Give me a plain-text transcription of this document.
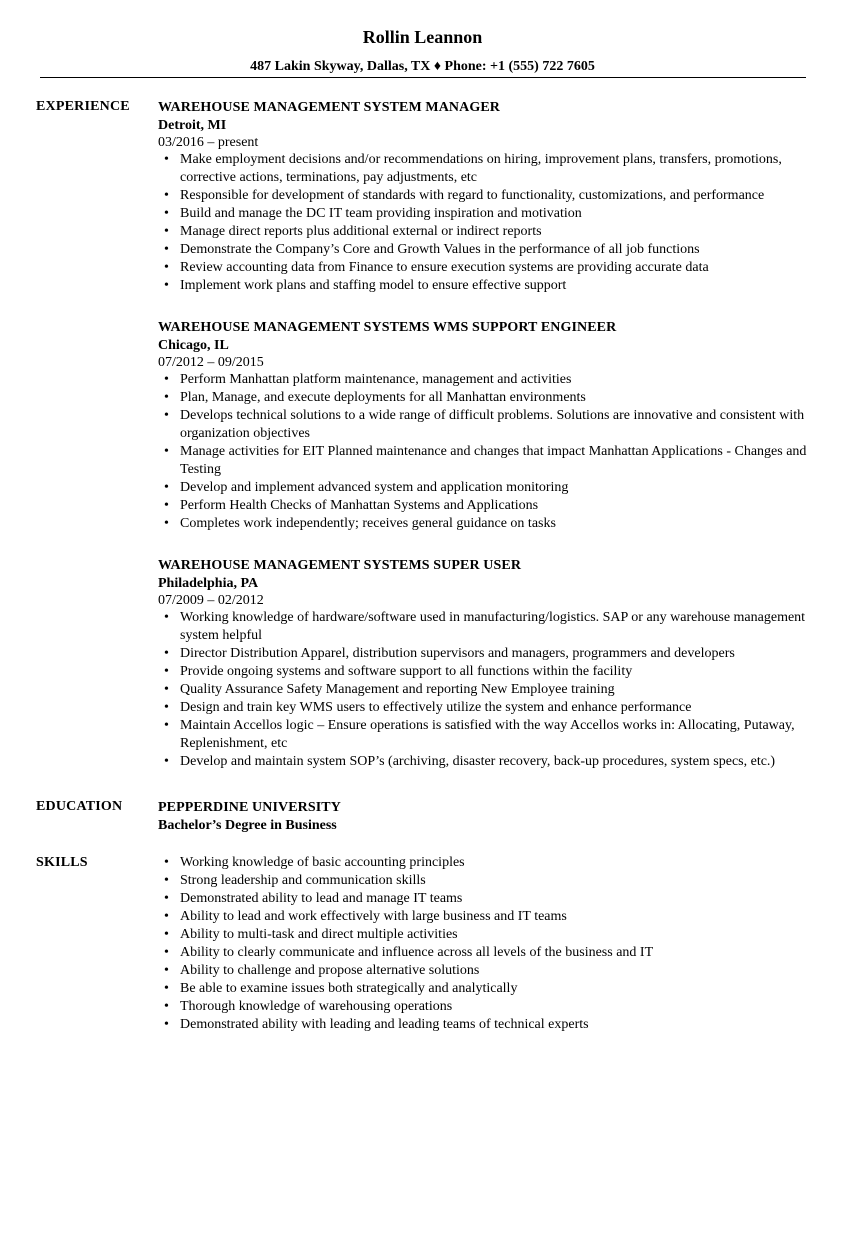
Rollin Leannon
487 Lakin Skyway, Dallas, TX ♦ Phone: +1 (555) 722 7605
EXPERIENCE WAREHOUSE MANAGEMENT SYSTEM MANAGER
Detroit, MI
03/2016 – present
• Make employment decisions and/or recommendations on hiring, improvement plans, transfers, promotions, corrective actions, terminations, pay adjustments, etc
• Responsible for development of standards with regard to functionality, customizations, and performance
• Build and manage the DC IT team providing inspiration and motivation
• Manage direct reports plus additional external or indirect reports
• Demonstrate the Company’s Core and Growth Values in the performance of all job functions
• Review accounting data from Finance to ensure execution systems are providing accurate data
• Implement work plans and staffing model to ensure effective support
WAREHOUSE MANAGEMENT SYSTEMS WMS SUPPORT ENGINEER
Chicago, IL
07/2012 – 09/2015
• Perform Manhattan platform maintenance, management and activities
• Plan, Manage, and execute deployments for all Manhattan environments
• Develops technical solutions to a wide range of difficult problems. Solutions are innovative and consistent with organization objectives
• Manage activities for EIT Planned maintenance and changes that impact Manhattan Applications - Changes and Testing
• Develop and implement advanced system and application monitoring
• Perform Health Checks of Manhattan Systems and Applications
• Completes work independently; receives general guidance on tasks
WAREHOUSE MANAGEMENT SYSTEMS SUPER USER
Philadelphia, PA
07/2009 – 02/2012
• Working knowledge of hardware/software used in manufacturing/logistics. SAP or any warehouse management system helpful
• Director Distribution Apparel, distribution supervisors and managers, programmers and developers
• Provide ongoing systems and software support to all functions within the facility
• Quality Assurance Safety Management and reporting New Employee training
• Design and train key WMS users to effectively utilize the system and enhance performance
• Maintain Accellos logic – Ensure operations is satisfied with the way Accellos works in: Allocating, Putaway, Replenishment, etc
• Develop and maintain system SOP’s (archiving, disaster recovery, back-up procedures, system specs, etc.)
EDUCATION	PEPPERDINE UNIVERSITY
Bachelor’s Degree in Business
SKILLS
•	Working knowledge of basic accounting principles
• Strong leadership and communication skills
• Demonstrated ability to lead and manage IT teams
• Ability to lead and work effectively with large business and IT teams
• Ability to multi-task and direct multiple activities
• Ability to clearly communicate and influence across all levels of the business and IT
• Ability to challenge and propose alternative solutions
• Be able to examine issues both strategically and analytically
• Thorough knowledge of warehousing operations
• Demonstrated ability with leading and leading teams of technical experts
